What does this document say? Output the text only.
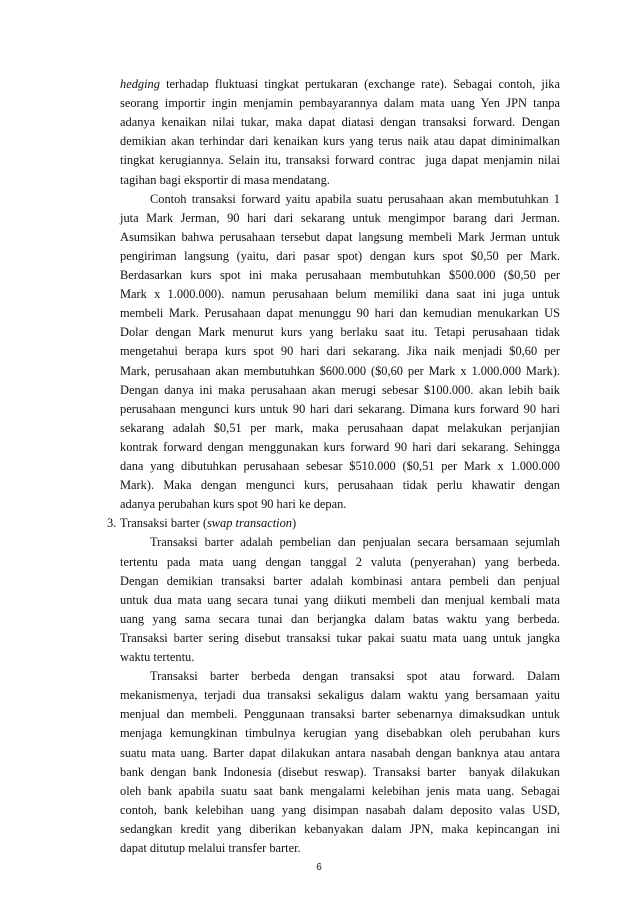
hedging terhadap fluktuasi tingkat pertukaran (exchange rate). Sebagai contoh, jika
seorang importir ingin menjamin pembayarannya dalam mata uang Yen JPN tanpa
adanya kenaikan nilai tukar, maka dapat diatasi dengan transaksi forward. Dengan
demikian akan terhindar dari kenaikan kurs yang terus naik atau dapat diminimalkan
tingkat kerugiannya. Selain itu, transaksi forward contrac  juga dapat menjamin nilai
tagihan bagi eksportir di masa mendatang.
Contoh transaksi forward yaitu apabila suatu perusahaan akan membutuhkan 1
juta Mark Jerman, 90 hari dari sekarang untuk mengimpor barang dari Jerman.
Asumsikan bahwa perusahaan tersebut dapat langsung membeli Mark Jerman untuk
pengiriman langsung (yaitu, dari pasar spot) dengan kurs spot $0,50 per Mark.
Berdasarkan kurs spot ini maka perusahaan membutuhkan $500.000 ($0,50 per
Mark x 1.000.000). namun perusahaan belum memiliki dana saat ini juga untuk
membeli Mark. Perusahaan dapat menunggu 90 hari dan kemudian menukarkan US
Dolar dengan Mark menurut kurs yang berlaku saat itu. Tetapi perusahaan tidak
mengetahui berapa kurs spot 90 hari dari sekarang. Jika naik menjadi $0,60 per
Mark, perusahaan akan membutuhkan $600.000 ($0,60 per Mark x 1.000.000 Mark).
Dengan danya ini maka perusahaan akan merugi sebesar $100.000. akan lebih baik
perusahaan mengunci kurs untuk 90 hari dari sekarang. Dimana kurs forward 90 hari
sekarang adalah $0,51 per mark, maka perusahaan dapat melakukan perjanjian
kontrak forward dengan menggunakan kurs forward 90 hari dari sekarang. Sehingga
dana yang dibutuhkan perusahaan sebesar $510.000 ($0,51 per Mark x 1.000.000
Mark). Maka dengan mengunci kurs, perusahaan tidak perlu khawatir dengan
adanya perubahan kurs spot 90 hari ke depan.
3. Transaksi barter (swap transaction)
Transaksi barter adalah pembelian dan penjualan secara bersamaan sejumlah
tertentu pada mata uang dengan tanggal 2 valuta (penyerahan) yang berbeda.
Dengan demikian transaksi barter adalah kombinasi antara pembeli dan penjual
untuk dua mata uang secara tunai yang diikuti membeli dan menjual kembali mata
uang yang sama secara tunai dan berjangka dalam batas waktu yang berbeda.
Transaksi barter sering disebut transaksi tukar pakai suatu mata uang untuk jangka
waktu tertentu.
Transaksi barter berbeda dengan transaksi spot atau forward. Dalam
mekanismenya, terjadi dua transaksi sekaligus dalam waktu yang bersamaan yaitu
menjual dan membeli. Penggunaan transaksi barter sebenarnya dimaksudkan untuk
menjaga kemungkinan timbulnya kerugian yang disebabkan oleh perubahan kurs
suatu mata uang. Barter dapat dilakukan antara nasabah dengan banknya atau antara
bank dengan bank Indonesia (disebut reswap). Transaksi barter  banyak dilakukan
oleh bank apabila suatu saat bank mengalami kelebihan jenis mata uang. Sebagai
contoh, bank kelebihan uang yang disimpan nasabah dalam deposito valas USD,
sedangkan kredit yang diberikan kebanyakan dalam JPN, maka kepincangan ini
dapat ditutup melalui transfer barter.
6
